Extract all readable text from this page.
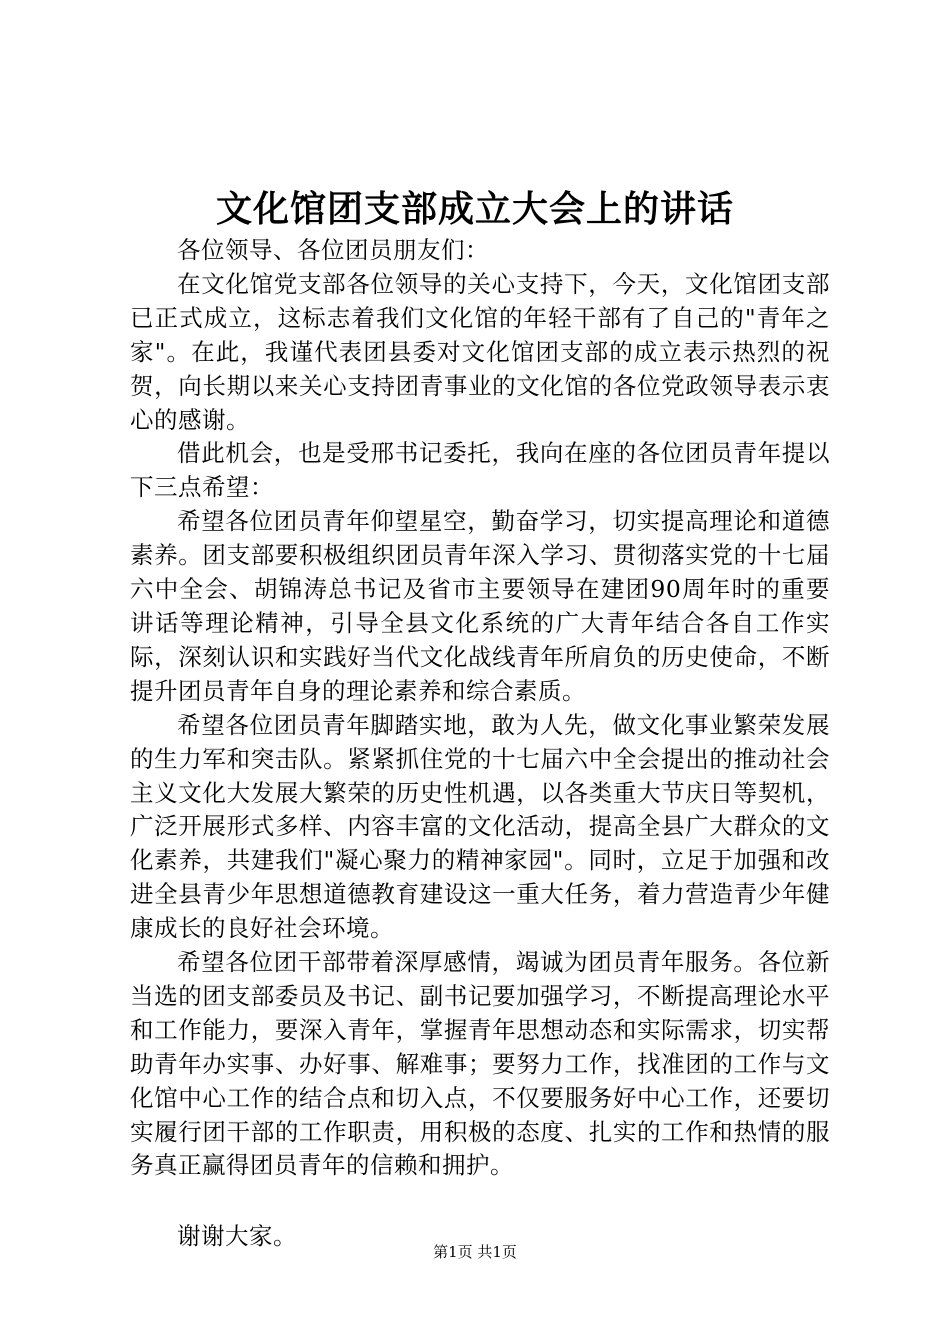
文化馆团支部成立大会上的讲话

各位领导、各位团员朋友们：

在文化馆党支部各位领导的关心支持下，今天，文化馆团支部已正式成立，这标志着我们文化馆的年轻干部有了自己的"青年之家"。在此，我谨代表团县委对文化馆团支部的成立表示热烈的祝贺，向长期以来关心支持团青事业的文化馆的各位党政领导表示衷心的感谢。

借此机会，也是受邢书记委托，我向在座的各位团员青年提以下三点希望：

希望各位团员青年仰望星空，勤奋学习，切实提高理论和道德素养。团支部要积极组织团员青年深入学习、贯彻落实党的十七届六中全会、胡锦涛总书记及省市主要领导在建团90周年时的重要讲话等理论精神，引导全县文化系统的广大青年结合各自工作实际，深刻认识和实践好当代文化战线青年所肩负的历史使命，不断提升团员青年自身的理论素养和综合素质。

希望各位团员青年脚踏实地，敢为人先，做文化事业繁荣发展的生力军和突击队。紧紧抓住党的十七届六中全会提出的推动社会主义文化大发展大繁荣的历史性机遇，以各类重大节庆日等契机，广泛开展形式多样、内容丰富的文化活动，提高全县广大群众的文化素养，共建我们"凝心聚力的精神家园"。同时，立足于加强和改进全县青少年思想道德教育建设这一重大任务，着力营造青少年健康成长的良好社会环境。

希望各位团干部带着深厚感情，竭诚为团员青年服务。各位新当选的团支部委员及书记、副书记要加强学习，不断提高理论水平和工作能力，要深入青年，掌握青年思想动态和实际需求，切实帮助青年办实事、办好事、解难事；要努力工作，找准团的工作与文化馆中心工作的结合点和切入点，不仅要服务好中心工作，还要切实履行团干部的工作职责，用积极的态度、扎实的工作和热情的服务真正赢得团员青年的信赖和拥护。

谢谢大家。

第1页 共1页
